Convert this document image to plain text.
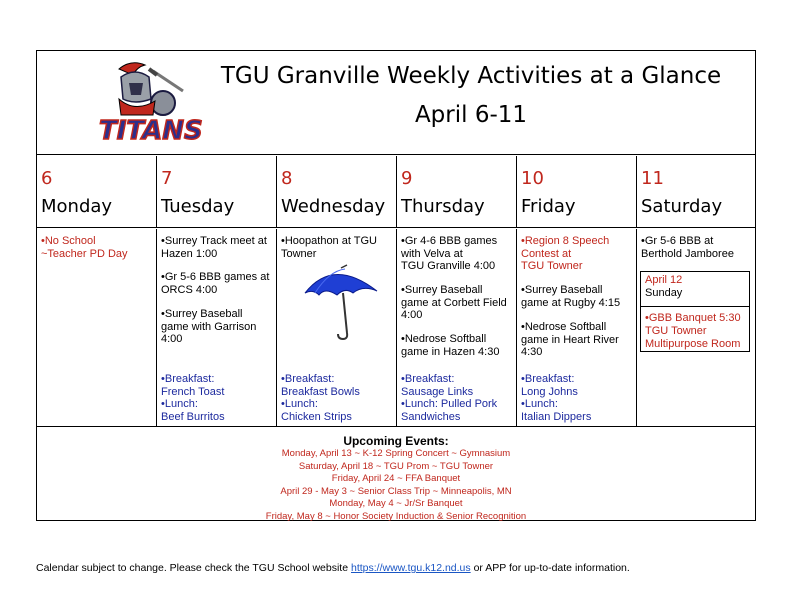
TITANS
TGU Granville Weekly Activities at a Glance
April 6-11
6
Monday
7
Tuesday
8
Wednesday
9
Thursday
10
Friday
11
Saturday
•No School
~Teacher PD Day
•Surrey Track meet at
Hazen 1:00
•Gr 5-6 BBB games at
ORCS 4:00
•Surrey Baseball
game with Garrison
4:00
•Breakfast:
French Toast
•Lunch:
Beef Burritos
•Hoopathon at TGU
Towner
•Breakfast:
Breakfast Bowls
•Lunch:
Chicken Strips
•Gr 4-6 BBB games
with Velva at
TGU Granville 4:00
•Surrey Baseball
game at Corbett Field
4:00
•Nedrose Softball
game in Hazen 4:30
•Breakfast:
Sausage Links
•Lunch: Pulled Pork
Sandwiches
•Region 8 Speech
Contest at
TGU Towner
•Surrey Baseball
game at Rugby 4:15
•Nedrose Softball
game in Heart River
4:30
•Breakfast:
Long Johns
•Lunch:
Italian Dippers
•Gr 5-6 BBB at
Berthold Jamboree
April 12
Sunday
•GBB Banquet 5:30
TGU Towner
Multipurpose Room
Upcoming Events:
Monday, April 13 ~ K-12 Spring Concert ~ Gymnasium
Saturday, April 18 ~ TGU Prom ~ TGU Towner
Friday, April 24 ~ FFA Banquet
April 29 - May 3 ~ Senior Class Trip ~ Minneapolis, MN
Monday, May 4 ~ Jr/Sr Banquet
Friday, May 8 ~ Honor Society Induction & Senior Recognition
Calendar subject to change. Please check the TGU School website https://www.tgu.k12.nd.us or APP for up-to-date information.
